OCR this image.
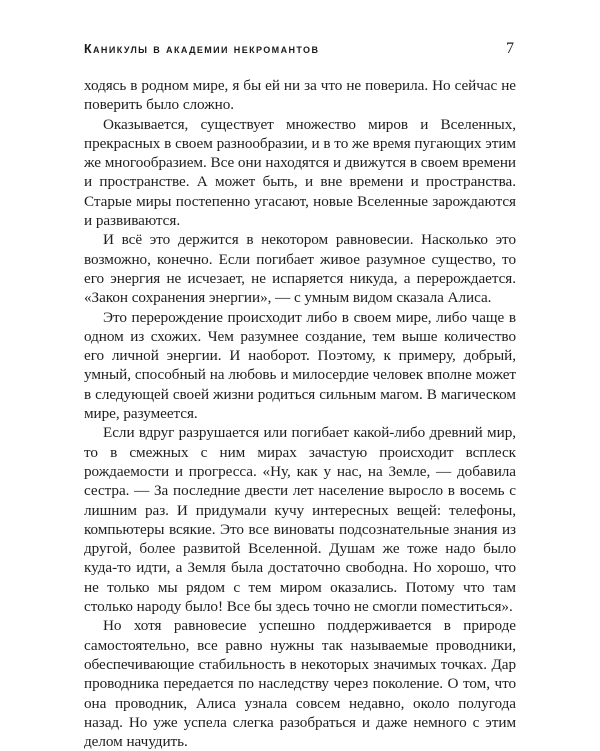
Каникулы в академии некромантов	7

ходясь в родном мире, я бы ей ни за что не поверила. Но сейчас не поверить было сложно.

Оказывается, существует множество миров и Вселенных, прекрасных в своем разнообразии, и в то же время пугающих этим же многообразием. Все они находятся и движутся в своем времени и пространстве. А может быть, и вне времени и пространства. Старые миры постепенно угасают, новые Вселенные зарождаются и развиваются.

И всё это держится в некотором равновесии. Насколько это возможно, конечно. Если погибает живое разумное существо, то его энергия не исчезает, не испаряется никуда, а перерождается. «Закон сохранения энергии», — с умным видом сказала Алиса.

Это перерождение происходит либо в своем мире, либо чаще в одном из схожих. Чем разумнее создание, тем выше количество его личной энергии. И наоборот. Поэтому, к примеру, добрый, умный, способный на любовь и милосердие человек вполне может в следующей своей жизни родиться сильным магом. В магическом мире, разумеется.

Если вдруг разрушается или погибает какой-либо древний мир, то в смежных с ним мирах зачастую происходит всплеск рождаемости и прогресса. «Ну, как у нас, на Земле, — добавила сестра. — За последние двести лет население выросло в восемь с лишним раз. И придумали кучу интересных вещей: телефоны, компьютеры всякие. Это все виноваты подсознательные знания из другой, более развитой Вселенной. Душам же тоже надо было куда-то идти, а Земля была достаточно свободна. Но хорошо, что не только мы рядом с тем миром оказались. Потому что там столько народу было! Все бы здесь точно не смогли поместиться».

Но хотя равновесие успешно поддерживается в природе самостоятельно, все равно нужны так называемые проводники, обеспечивающие стабильность в некоторых значимых точках. Дар проводника передается по наследству через поколение. О том, что она проводник, Алиса узнала совсем недавно, около полугода назад. Но уже успела слегка разобраться и даже немного с этим делом начудить.
